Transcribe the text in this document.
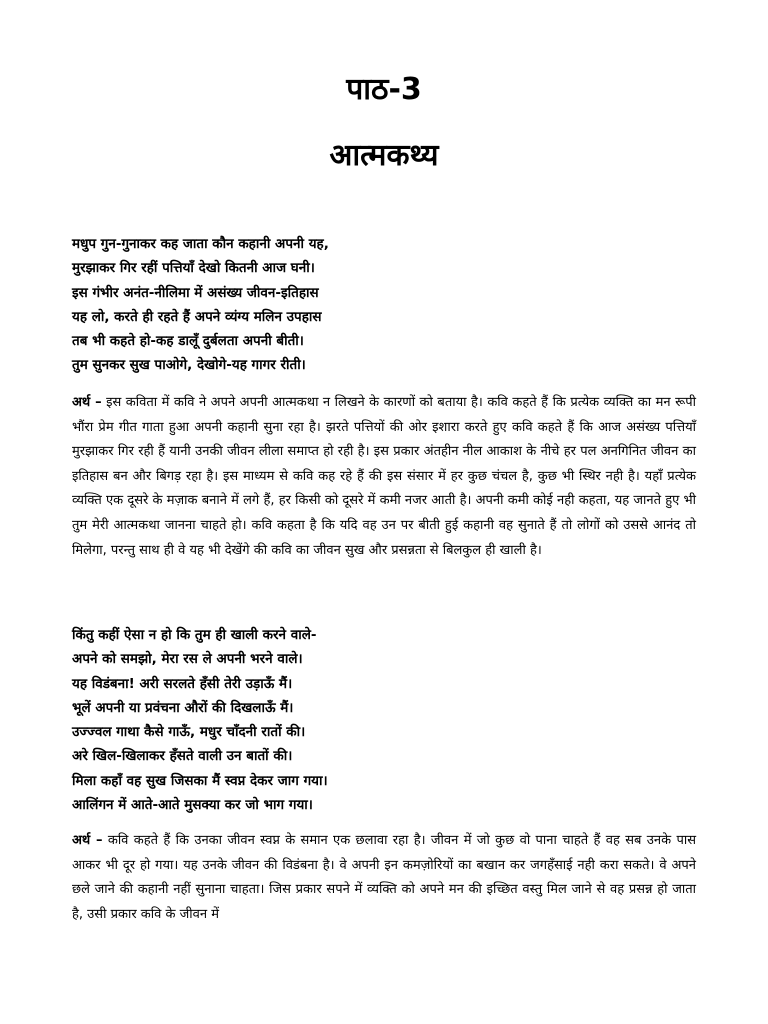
पाठ-3
आत्मकथ्य
मधुप गुन-गुनाकर कह जाता कौन कहानी अपनी यह,
मुरझाकर गिर रहीं पत्तियाँ देखो कितनी आज घनी।
इस गंभीर अनंत-नीलिमा में असंख्य जीवन-इतिहास
यह लो, करते ही रहते हैं अपने व्यंग्य मलिन उपहास
तब भी कहते हो-कह डालूँ दुर्बलता अपनी बीती।
तुम सुनकर सुख पाओगे, देखोगे-यह गागर रीती।
अर्थ – इस कविता में कवि ने अपने अपनी आत्मकथा न लिखने के कारणों को बताया है। कवि कहते हैं कि प्रत्येक व्यक्ति का मन रूपी भौंरा प्रेम गीत गाता हुआ अपनी कहानी सुना रहा है। झरते पत्तियों की ओर इशारा करते हुए कवि कहते हैं कि आज असंख्य पत्तियाँ मुरझाकर गिर रही हैं यानी उनकी जीवन लीला समाप्त हो रही है। इस प्रकार अंतहीन नील आकाश के नीचे हर पल अनगिनित जीवन का इतिहास बन और बिगड़ रहा है। इस माध्यम से कवि कह रहे हैं की इस संसार में हर कुछ चंचल है, कुछ भी स्थिर नही है। यहाँ प्रत्येक व्यक्ति एक दूसरे के मज़ाक बनाने में लगे हैं, हर किसी को दूसरे में कमी नजर आती है। अपनी कमी कोई नही कहता, यह जानते हुए भी तुम मेरी आत्मकथा जानना चाहते हो। कवि कहता है कि यदि वह उन पर बीती हुई कहानी वह सुनाते हैं तो लोगों को उससे आनंद तो मिलेगा, परन्तु साथ ही वे यह भी देखेंगे की कवि का जीवन सुख और प्रसन्नता से बिलकुल ही खाली है।
किंतु कहीं ऐसा न हो कि तुम ही खाली करने वाले-
अपने को समझो, मेरा रस ले अपनी भरने वाले।
यह विडंबना! अरी सरलते हँसी तेरी उड़ाऊँ मैं।
भूलें अपनी या प्रवंचना औरों की दिखलाऊँ मैं।
उज्ज्वल गाथा कैसे गाऊँ, मधुर चाँदनी रातों की।
अरे खिल-खिलाकर हँसते वाली उन बातों की।
मिला कहाँ वह सुख जिसका मैं स्वप्न देकर जाग गया।
आलिंगन में आते-आते मुसक्या कर जो भाग गया।
अर्थ – कवि कहते हैं कि उनका जीवन स्वप्न के समान एक छलावा रहा है। जीवन में जो कुछ वो पाना चाहते हैं वह सब उनके पास आकर भी दूर हो गया। यह उनके जीवन की विडंबना है। वे अपनी इन कमज़ोरियों का बखान कर जगहँसाई नही करा सकते। वे अपने छले जाने की कहानी नहीं सुनाना चाहता। जिस प्रकार सपने में व्यक्ति को अपने मन की इच्छित वस्तु मिल जाने से वह प्रसन्न हो जाता है, उसी प्रकार कवि के जीवन में
